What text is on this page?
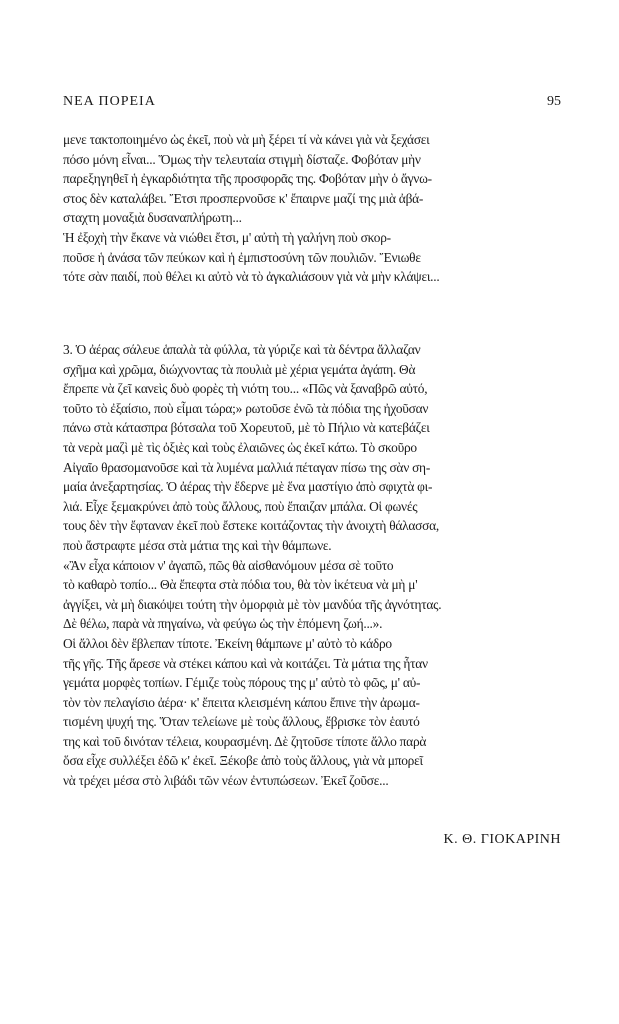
ΝΕΑ ΠΟΡΕΙΑ	95
μενε τακτοποιημένο ὡς ἐκεῖ, ποὺ νὰ μὴ ξέρει τί νὰ κάνει γιὰ νὰ ξεχάσει
πόσο μόνη εἶναι... Ὅμως τὴν τελευταία στιγμὴ δίσταζε. Φοβόταν μὴν
παρεξηγηθεῖ ἡ ἐγκαρδιότητα τῆς προσφορᾶς της. Φοβόταν μὴν ὁ ἄγνω-
στος δὲν καταλάβει. Ἔτσι προσπερνοῦσε κ' ἔπαιρνε μαζί της μιὰ ἀβά-
σταχτη μοναξιὰ δυσαναπλήρωτη...
Ἡ ἐξοχὴ τὴν ἔκανε νὰ νιώθει ἔτσι, μ' αὐτὴ τὴ γαλήνη ποὺ σκορ-
ποῦσε ἡ ἀνάσα τῶν πεύκων καὶ ἡ ἐμπιστοσύνη τῶν πουλιῶν. Ἔνιωθε
τότε σὰν παιδί, ποὺ θέλει κι αὐτὸ νὰ τὸ ἀγκαλιάσουν γιὰ νὰ μὴν κλάψει...
3. Ὁ ἀέρας σάλευε ἁπαλὰ τὰ φύλλα, τὰ γύριζε καὶ τὰ δέντρα ἄλλαζαν
σχῆμα καὶ χρῶμα, διώχνοντας τὰ πουλιὰ μὲ χέρια γεμάτα ἀγάπη. Θὰ
ἔπρεπε νὰ ζεῖ κανεὶς δυὸ φορὲς τὴ νιότη του... «Πῶς νὰ ξαναβρῶ αὐτό,
τοῦτο τὸ ἐξαίσιο, ποὺ εἶμαι τώρα;» ρωτοῦσε ἐνῶ τὰ πόδια της ἠχοῦσαν
πάνω στὰ κάτασπρα βότσαλα τοῦ Χορευτοῦ, μὲ τὸ Πήλιο νὰ κατεβάζει
τὰ νερὰ μαζὶ μὲ τὶς ὀξιὲς καὶ τοὺς ἐλαιῶνες ὡς ἐκεῖ κάτω. Τὸ σκοῦρο
Αἰγαῖο θρασομανοῦσε καὶ τὰ λυμένα μαλλιά πέταγαν πίσω της σὰν ση-
μαία ἀνεξαρτησίας. Ὁ ἀέρας τὴν ἔδερνε μὲ ἕνα μαστίγιο ἀπὸ σφιχτὰ φι-
λιά. Εἶχε ξεμακρύνει ἀπὸ τοὺς ἄλλους, ποὺ ἔπαιζαν μπάλα. Οἱ φωνές
τους δὲν τὴν ἔφταναν ἐκεῖ ποὺ ἔστεκε κοιτάζοντας τὴν ἀνοιχτὴ θάλασσα,
ποὺ ἄστραφτε μέσα στὰ μάτια της καὶ τὴν θάμπωνε.
«Ἂν εἶχα κάποιον ν' ἀγαπῶ, πῶς θὰ αἰσθανόμουν μέσα σὲ τοῦτο
τὸ καθαρὸ τοπίο... Θὰ ἔπεφτα στὰ πόδια του, θὰ τὸν ἱκέτευα νὰ μὴ μ'
ἀγγίξει, νὰ μὴ διακόψει τούτη τὴν ὁμορφιὰ μὲ τὸν μανδύα τῆς ἀγνότητας.
Δὲ θέλω, παρὰ νὰ πηγαίνω, νὰ φεύγω ὡς τὴν ἑπόμενη ζωή...».
Οἱ ἄλλοι δὲν ἔβλεπαν τίποτε. Ἐκείνη θάμπωνε μ' αὐτὸ τὸ κάδρο
τῆς γῆς. Τῆς ἄρεσε νὰ στέκει κάπου καὶ νὰ κοιτάζει. Τὰ μάτια της ἦταν
γεμάτα μορφὲς τοπίων. Γέμιζε τοὺς πόρους της μ' αὐτὸ τὸ φῶς, μ' αὐ-
τὸν τὸν πελαγίσιο ἀέρα· κ' ἔπειτα κλεισμένη κάπου ἔπινε τὴν ἀρωμα-
τισμένη ψυχή της. Ὅταν τελείωνε μὲ τοὺς ἄλλους, ἔβρισκε τὸν ἑαυτό
της καὶ τοῦ δινόταν τέλεια, κουρασμένη. Δὲ ζητοῦσε τίποτε ἄλλο παρὰ
ὅσα εἶχε συλλέξει ἐδῶ κ' ἐκεῖ. Ξέκοβε ἀπὸ τοὺς ἄλλους, γιὰ νὰ μπορεῖ
νὰ τρέχει μέσα στὸ λιβάδι τῶν νέων ἐντυπώσεων. Ἐκεῖ ζοῦσε...
Κ. Θ. ΓΙΟΚΑΡΙΝΗ
